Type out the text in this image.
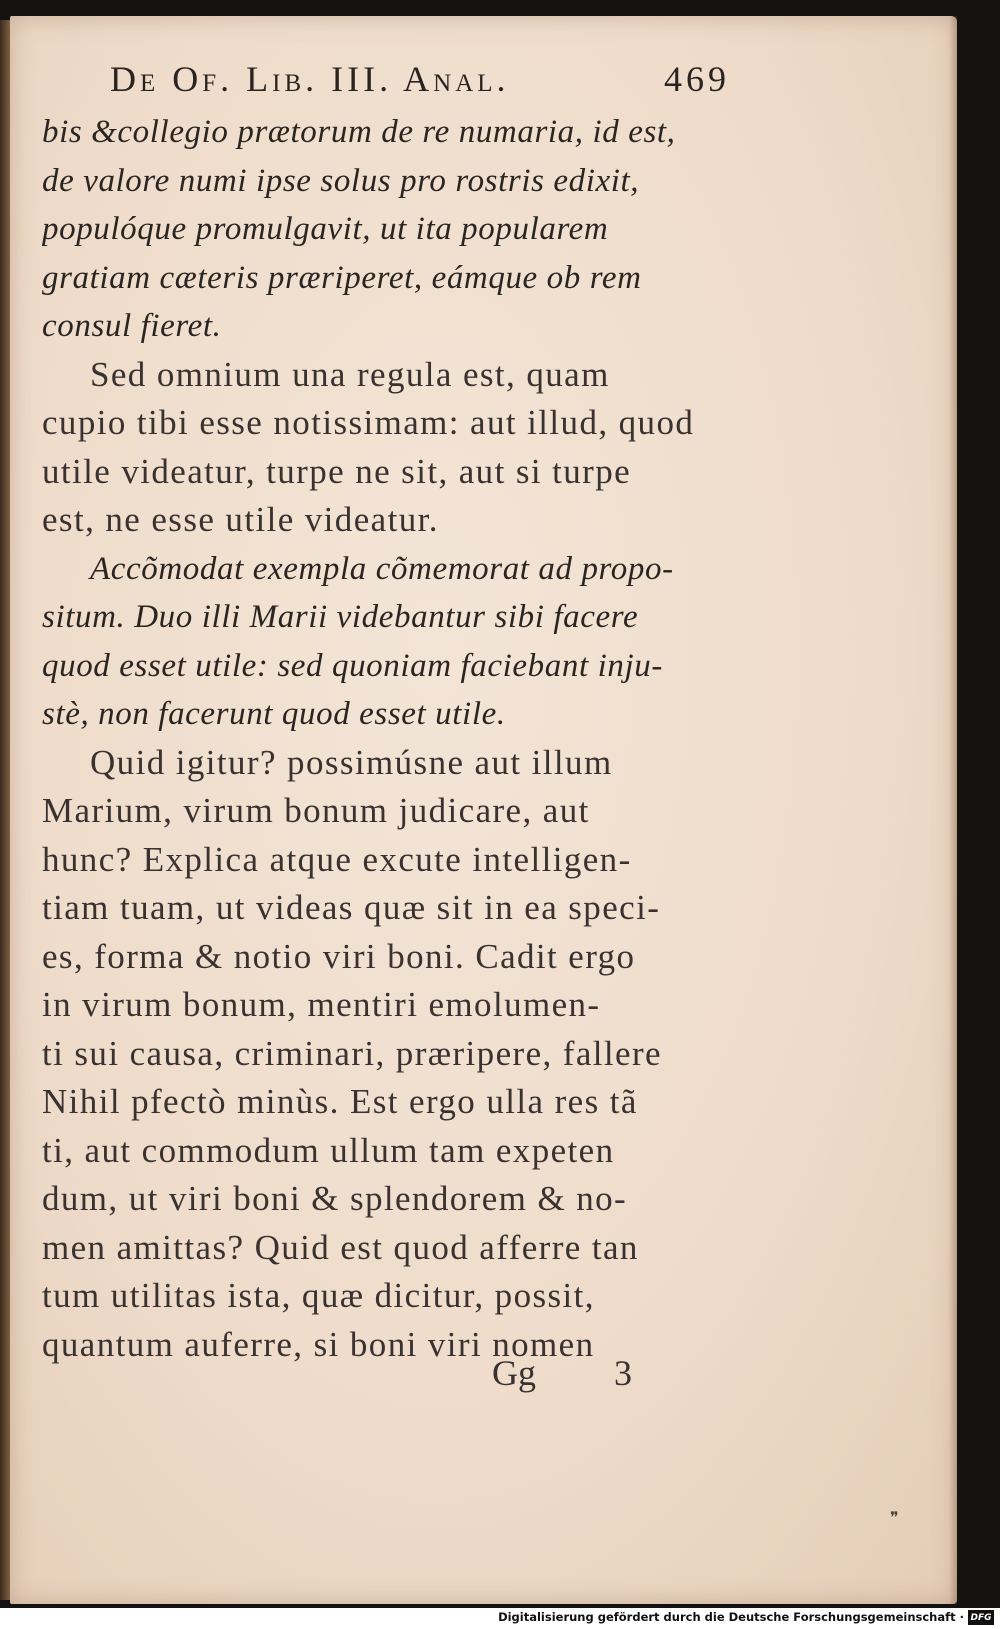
De Of. Lib. III. Anal.	469
bis &collegio prætorum de re numaria, id est,
de valore numi ipse solus pro rostris edixit,
populóque promulgavit, ut ita popularem
gratiam cæteris præriperet, eámque ob rem
consul fieret.
Sed omnium una regula est, quam
cupio tibi esse notissimam: aut illud, quod
utile videatur, turpe ne sit, aut si turpe
est, ne esse utile videatur.
Accõmodat exempla cõmemorat ad propo-
situm. Duo illi Marii videbantur sibi facere
quod esset utile: sed quoniam faciebant inju-
stè, non facerunt quod esset utile.
Quid igitur? possimúsne aut illum
Marium, virum bonum judicare, aut
hunc? Explica atque excute intelligen-
tiam tuam, ut videas quæ sit in ea speci-
es, forma & notio viri boni. Cadit ergo
in virum bonum, mentiri emolumen-
ti sui causa, criminari, præripere, fallere
Nihil pfectò minùs. Est ergo ulla res tã
ti, aut commodum ullum tam expeten
dum, ut viri boni & splendorem & no-
men amittas? Quid est quod afferre tan
tum utilitas ista, quæ dicitur, possit,
quantum auferre, si boni viri nomen
Gg 3
❞
Digitalisierung gefördert durch die Deutsche Forschungsgemeinschaft · DFG
